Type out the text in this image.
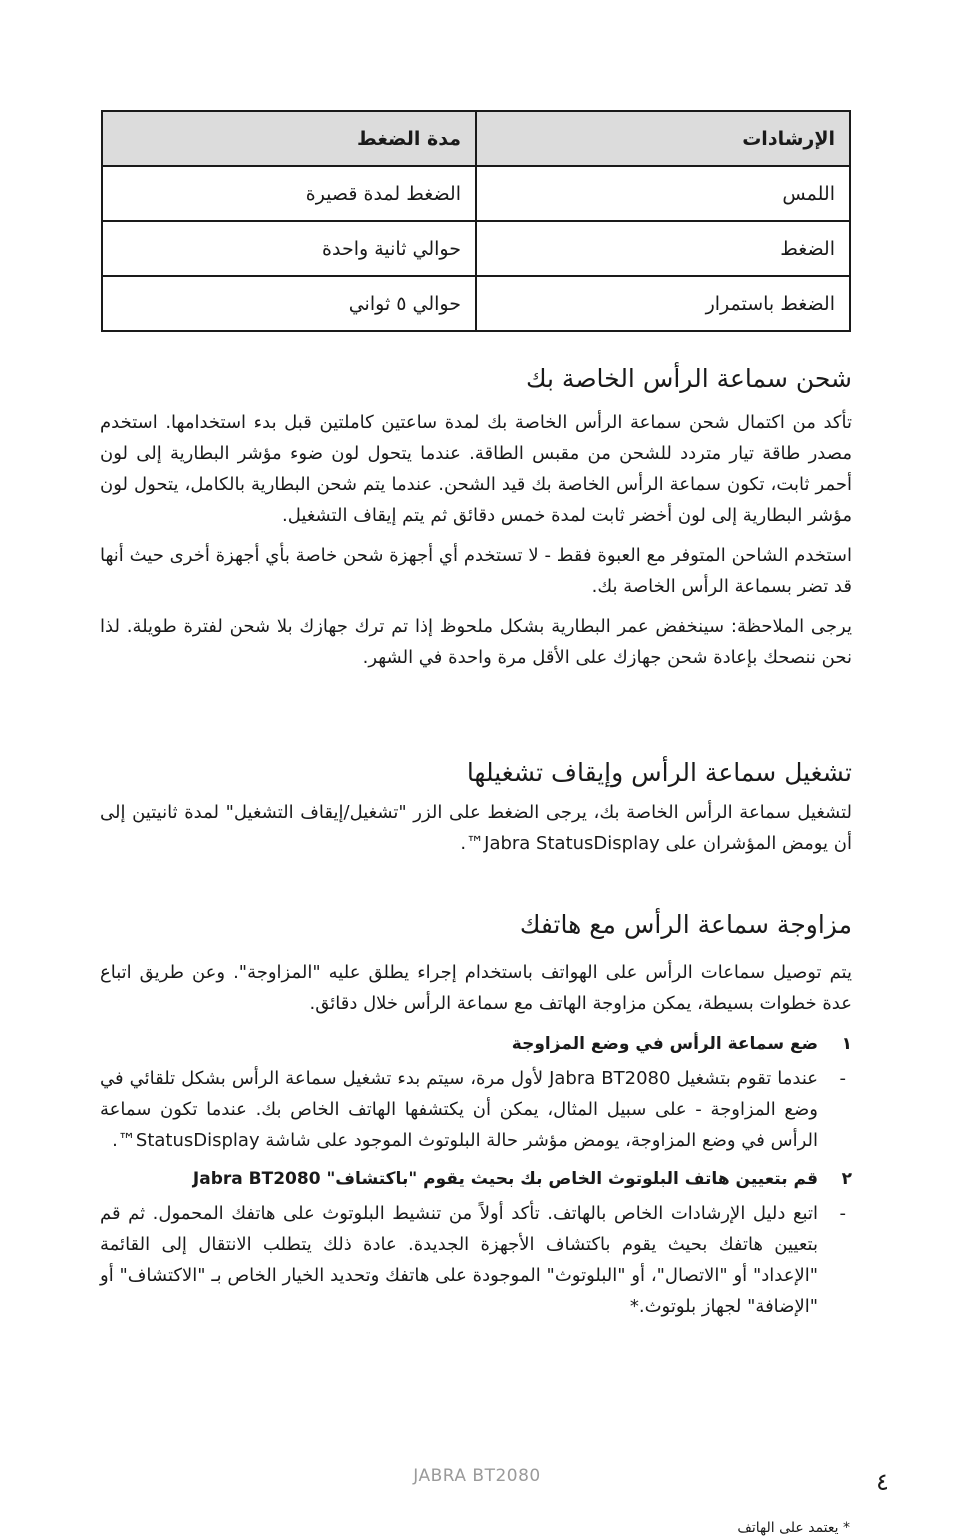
الإرشادات	مدة الضغط
اللمس	الضغط لمدة قصيرة
الضغط	حوالي ثانية واحدة
الضغط باستمرار	حوالي ٥ ثواني
شحن سماعة الرأس الخاصة بك

تأكد من اكتمال شحن سماعة الرأس الخاصة بك لمدة ساعتين كاملتين قبل بدء استخدامها. استخدم مصدر طاقة تيار متردد للشحن من مقبس الطاقة. عندما يتحول لون ضوء مؤشر البطارية إلى لون أحمر ثابت، تكون سماعة الرأس الخاصة بك قيد الشحن. عندما يتم شحن البطارية بالكامل، يتحول لون مؤشر البطارية إلى لون أخضر ثابت لمدة خمس دقائق ثم يتم إيقاف التشغيل.

استخدم الشاحن المتوفر مع العبوة فقط - لا تستخدم أي أجهزة شحن خاصة بأي أجهزة أخرى حيث أنها قد تضر بسماعة الرأس الخاصة بك.

يرجى الملاحظة: سينخفض عمر البطارية بشكل ملحوظ إذا تم ترك جهازك بلا شحن لفترة طويلة. لذا نحن ننصحك بإعادة شحن جهازك على الأقل مرة واحدة في الشهر.

تشغيل سماعة الرأس وإيقاف تشغيلها

لتشغيل سماعة الرأس الخاصة بك، يرجى الضغط على الزر "تشغيل/إيقاف التشغيل" لمدة ثانيتين إلى أن يومض المؤشران على Jabra StatusDisplay™.

مزاوجة سماعة الرأس مع هاتفك

يتم توصيل سماعات الرأس على الهواتف باستخدام إجراء يطلق عليه "المزاوجة". وعن طريق اتباع عدة خطوات بسيطة، يمكن مزاوجة الهاتف مع سماعة الرأس خلال دقائق.

١
ضع سماعة الرأس في وضع المزاوجة
-
عندما تقوم بتشغيل Jabra BT2080 لأول مرة، سيتم بدء تشغيل سماعة الرأس بشكل تلقائي في وضع المزاوجة - على سبيل المثال، يمكن أن يكتشفها الهاتف الخاص بك. عندما تكون سماعة الرأس في وضع المزاوجة، يومض مؤشر حالة البلوتوث الموجود على شاشة StatusDisplay™.
٢
قم بتعيين هاتف البلوتوث الخاص بك بحيث يقوم "باكتشاف" Jabra BT2080
-
اتبع دليل الإرشادات الخاص بالهاتف. تأكد أولاً من تنشيط البلوتوث على هاتفك المحمول. ثم قم بتعيين هاتفك بحيث يقوم باكتشاف الأجهزة الجديدة. عادة ذلك يتطلب الانتقال إلى القائمة "الإعداد" أو "الاتصال"، أو "البلوتوث" الموجودة على هاتفك وتحديد الخيار الخاص بـ "الاكتشاف" أو "الإضافة" لجهاز بلوتوث.*
JABRA BT2080	٤
* يعتمد على الهاتف
